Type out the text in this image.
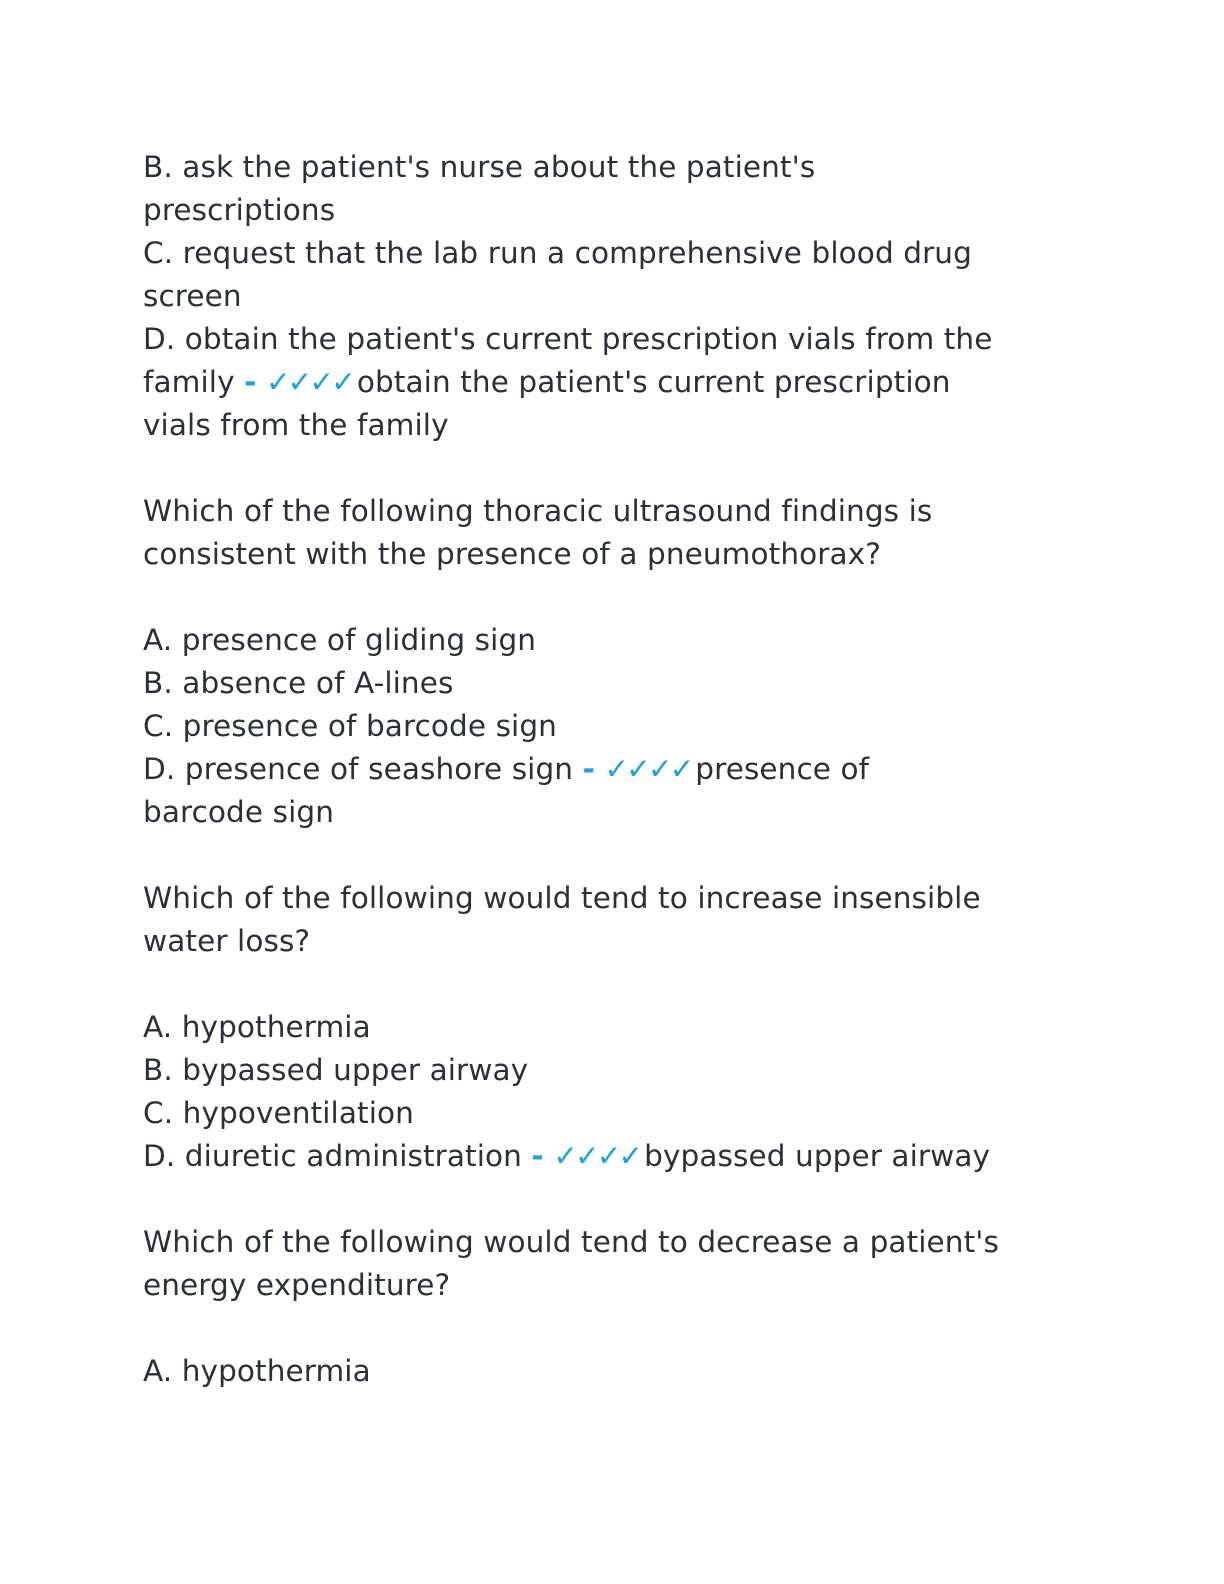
B. ask the patient's nurse about the patient's
prescriptions
C. request that the lab run a comprehensive blood drug
screen
D. obtain the patient's current prescription vials from the
family - ✓✓✓✓ obtain the patient's current prescription
vials from the family
Which of the following thoracic ultrasound findings is
consistent with the presence of a pneumothorax?
A. presence of gliding sign
B. absence of A-lines
C. presence of barcode sign
D. presence of seashore sign - ✓✓✓✓ presence of
barcode sign
Which of the following would tend to increase insensible
water loss?
A. hypothermia
B. bypassed upper airway
C. hypoventilation
D. diuretic administration - ✓✓✓✓ bypassed upper airway
Which of the following would tend to decrease a patient's
energy expenditure?
A. hypothermia
